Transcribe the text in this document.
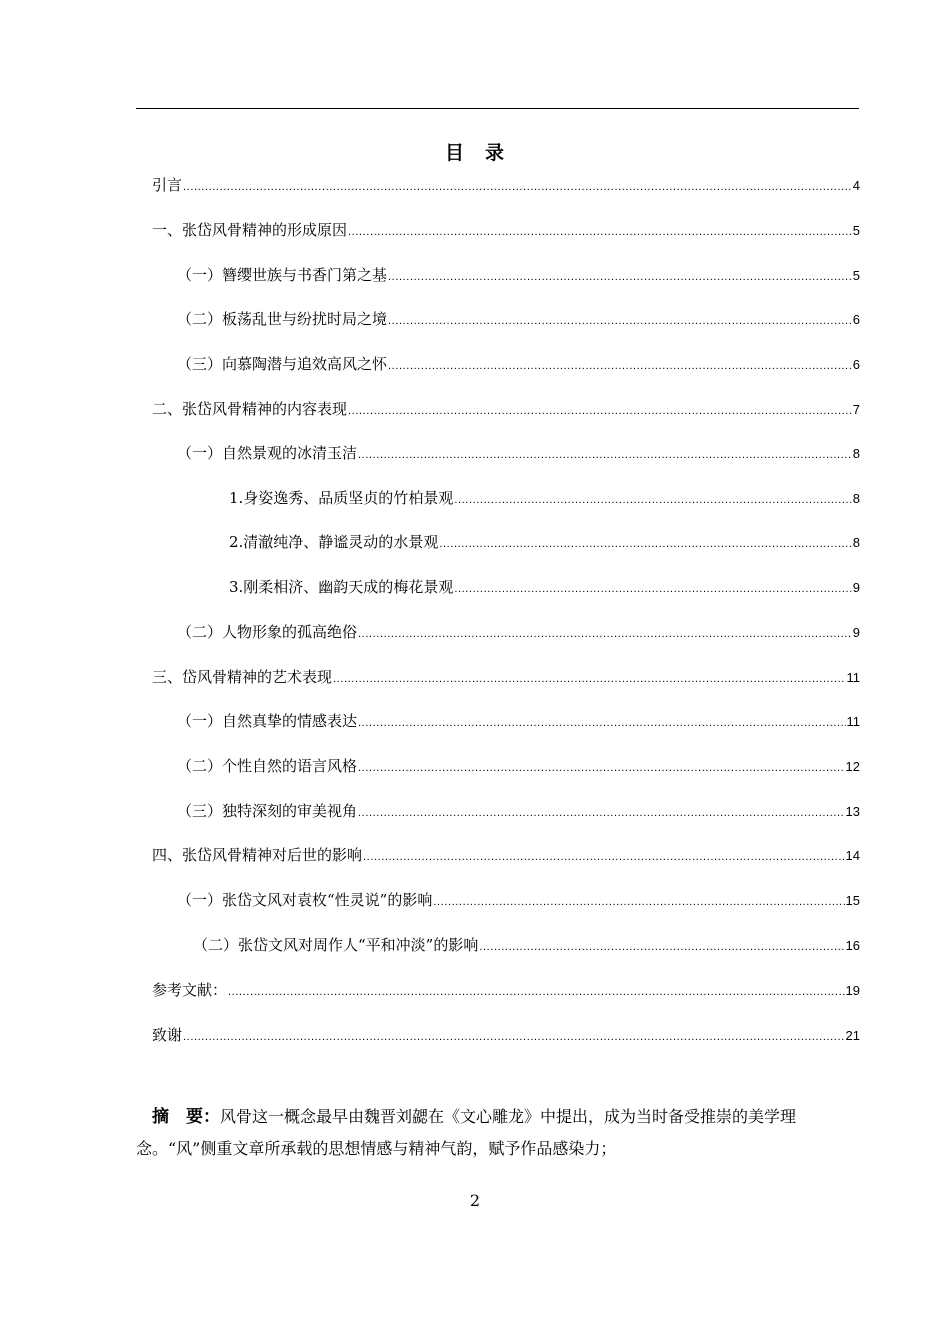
目　录
引言 .....	4
一、张岱风骨精神的形成原因 .....	5
（一）簪缨世族与书香门第之基 .....	5
（二）板荡乱世与纷扰时局之境 .....	6
（三）向慕陶潜与追效高风之怀 .....	6
二、张岱风骨精神的内容表现 .....	7
（一）自然景观的冰清玉洁 .....	8
1.身姿逸秀、品质坚贞的竹柏景观 .....	8
2.清澈纯净、静谧灵动的水景观 .....	8
3.刚柔相济、幽韵天成的梅花景观 .....	9
（二）人物形象的孤高绝俗 .....	9
三、岱风骨精神的艺术表现 .....	11
（一）自然真挚的情感表达 .....	11
（二）个性自然的语言风格 .....	12
（三）独特深刻的审美视角 .....	13
四、张岱风骨精神对后世的影响 .....	14
（一）张岱文风对袁枚“性灵说”的影响 .....	15
（二）张岱文风对周作人“平和冲淡”的影响 .....	16
参考文献： .....	19
致谢 .....	21
摘　要：风骨这一概念最早由魏晋刘勰在《文心雕龙》中提出，成为当时备受推崇的美学理念。“风”侧重文章所承载的思想情感与精神气韵，赋予作品感染力；
2
